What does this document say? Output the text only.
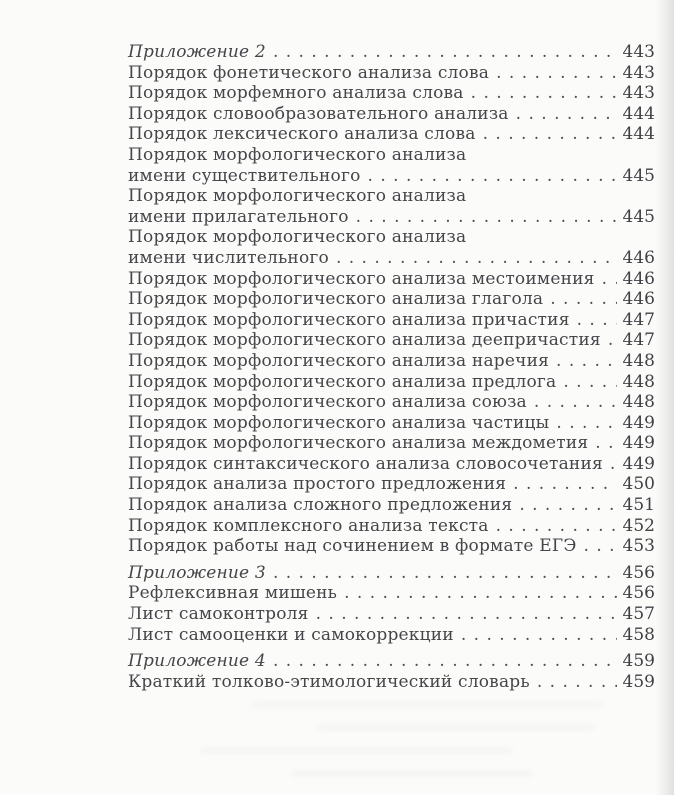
Приложение 2 . . .	443
Порядок фонетического анализа слова . . .	443
Порядок морфемного анализа слова . . .	443
Порядок словообразовательного анализа . . .	444
Порядок лексического анализа слова . . .	444
Порядок морфологического анализа
имени существительного . . .	445
Порядок морфологического анализа
имени прилагательного . . .	445
Порядок морфологического анализа
имени числительного . . .	446
Порядок морфологического анализа местоимения . . . 446
Порядок морфологического анализа глагола . . .	446
Порядок морфологического анализа причастия . . .	447
Порядок морфологического анализа деепричастия . . . 447
Порядок морфологического анализа наречия . . .	448
Порядок морфологического анализа предлога . . .	448
Порядок морфологического анализа союза . . .	448
Порядок морфологического анализа частицы . . .	449
Порядок морфологического анализа междометия . . . 449
Порядок синтаксического анализа словосочетания . . . 449
Порядок анализа простого предложения . . .	450
Порядок анализа сложного предложения . . .	451
Порядок комплексного анализа текста . . .	452
Порядок работы над сочинением в формате ЕГЭ . . .	453
Приложение 3 . . .	456
Рефлексивная мишень . . .	456
Лист самоконтроля . . .	457
Лист самооценки и самокоррекции . . .	458
Приложение 4 . . .	459
Краткий толково-этимологический словарь . . .	459
